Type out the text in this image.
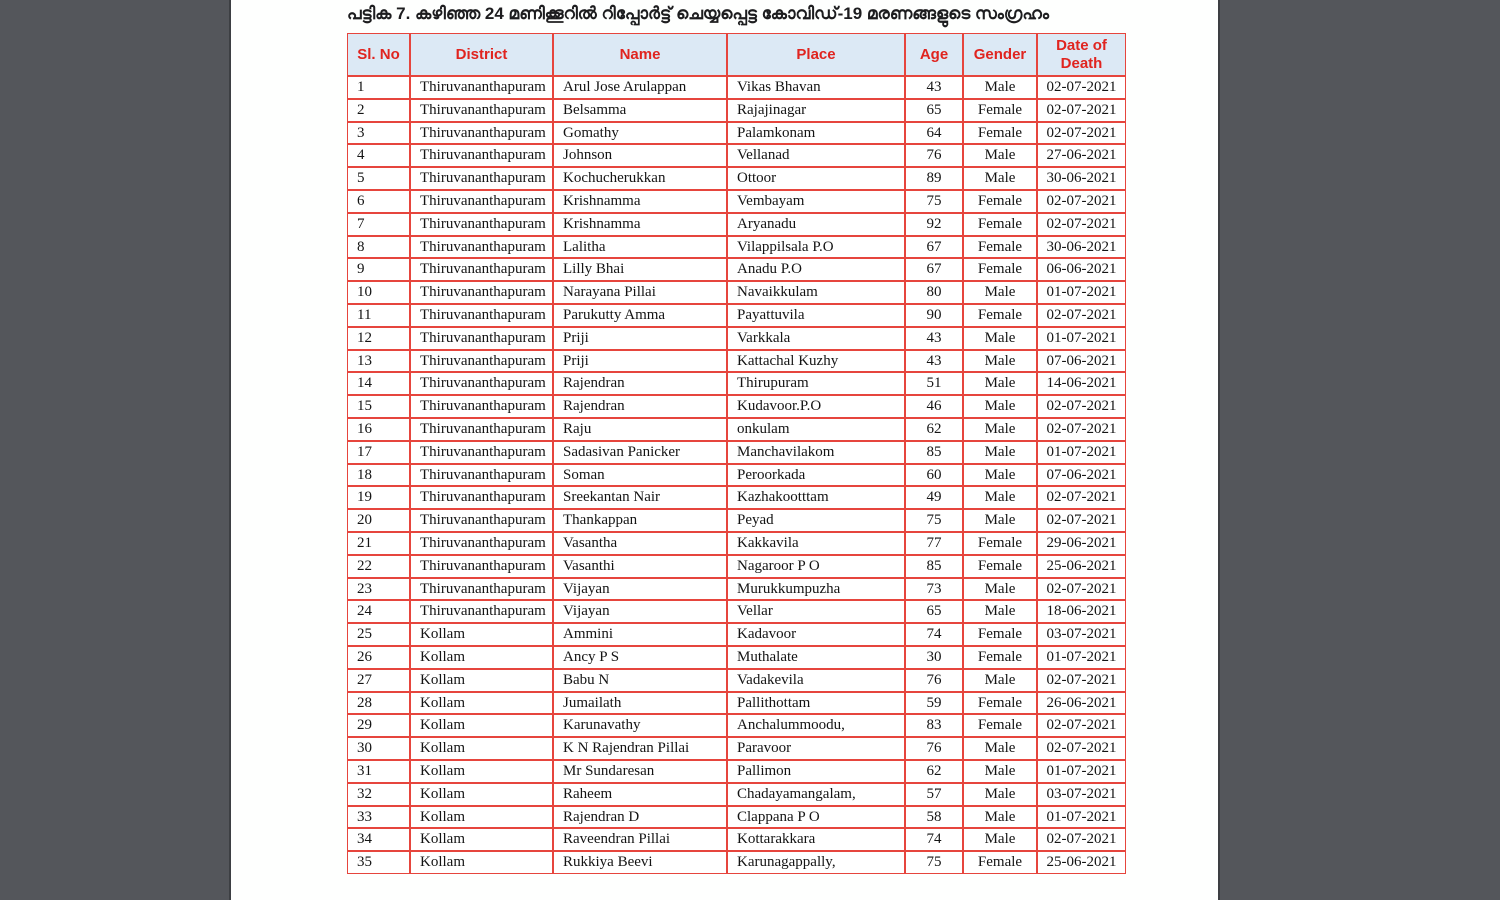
പട്ടിക 7. കഴിഞ്ഞ 24 മണിക്കൂറിൽ റിപ്പോർട്ട് ചെയ്യപ്പെട്ട കോവിഡ്-19 മരണങ്ങളുടെ സംഗ്രഹം
Sl. No	District	Name	Place	Age	Gender	Date of Death
1	Thiruvananthapuram	Arul Jose Arulappan	Vikas Bhavan	43	Male	02-07-2021
2	Thiruvananthapuram	Belsamma	Rajajinagar	65	Female	02-07-2021
3	Thiruvananthapuram	Gomathy	Palamkonam	64	Female	02-07-2021
4	Thiruvananthapuram	Johnson	Vellanad	76	Male	27-06-2021
5	Thiruvananthapuram	Kochucherukkan	Ottoor	89	Male	30-06-2021
6	Thiruvananthapuram	Krishnamma	Vembayam	75	Female	02-07-2021
7	Thiruvananthapuram	Krishnamma	Aryanadu	92	Female	02-07-2021
8	Thiruvananthapuram	Lalitha	Vilappilsala P.O	67	Female	30-06-2021
9	Thiruvananthapuram	Lilly Bhai	Anadu P.O	67	Female	06-06-2021
10	Thiruvananthapuram	Narayana Pillai	Navaikkulam	80	Male	01-07-2021
11	Thiruvananthapuram	Parukutty Amma	Payattuvila	90	Female	02-07-2021
12	Thiruvananthapuram	Priji	Varkkala	43	Male	01-07-2021
13	Thiruvananthapuram	Priji	Kattachal Kuzhy	43	Male	07-06-2021
14	Thiruvananthapuram	Rajendran	Thirupuram	51	Male	14-06-2021
15	Thiruvananthapuram	Rajendran	Kudavoor.P.O	46	Male	02-07-2021
16	Thiruvananthapuram	Raju	onkulam	62	Male	02-07-2021
17	Thiruvananthapuram	Sadasivan Panicker	Manchavilakom	85	Male	01-07-2021
18	Thiruvananthapuram	Soman	Peroorkada	60	Male	07-06-2021
19	Thiruvananthapuram	Sreekantan Nair	Kazhakootttam	49	Male	02-07-2021
20	Thiruvananthapuram	Thankappan	Peyad	75	Male	02-07-2021
21	Thiruvananthapuram	Vasantha	Kakkavila	77	Female	29-06-2021
22	Thiruvananthapuram	Vasanthi	Nagaroor P O	85	Female	25-06-2021
23	Thiruvananthapuram	Vijayan	Murukkumpuzha	73	Male	02-07-2021
24	Thiruvananthapuram	Vijayan	Vellar	65	Male	18-06-2021
25	Kollam	Ammini	Kadavoor	74	Female	03-07-2021
26	Kollam	Ancy P S	Muthalate	30	Female	01-07-2021
27	Kollam	Babu N	Vadakevila	76	Male	02-07-2021
28	Kollam	Jumailath	Pallithottam	59	Female	26-06-2021
29	Kollam	Karunavathy	Anchalummoodu,	83	Female	02-07-2021
30	Kollam	K N Rajendran Pillai	Paravoor	76	Male	02-07-2021
31	Kollam	Mr Sundaresan	Pallimon	62	Male	01-07-2021
32	Kollam	Raheem	Chadayamangalam,	57	Male	03-07-2021
33	Kollam	Rajendran D	Clappana P O	58	Male	01-07-2021
34	Kollam	Raveendran Pillai	Kottarakkara	74	Male	02-07-2021
35	Kollam	Rukkiya Beevi	Karunagappally,	75	Female	25-06-2021
